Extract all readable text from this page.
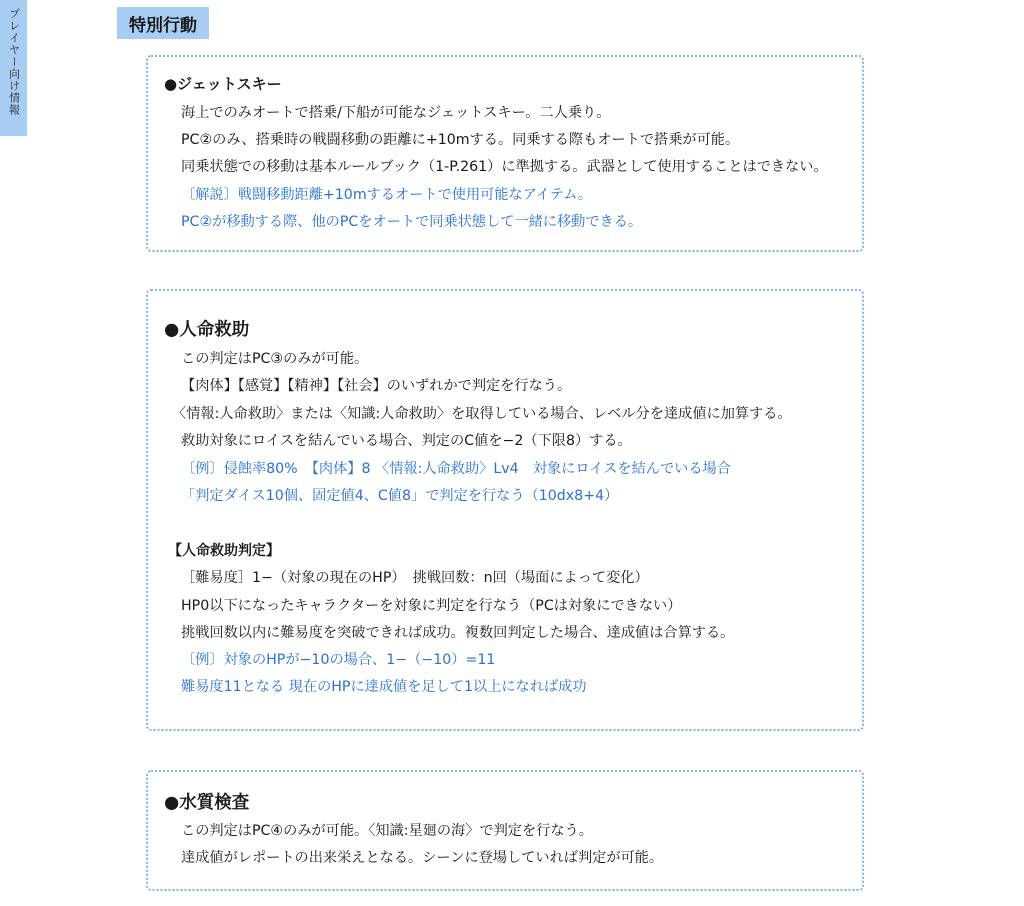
プレイヤー向け情報	特別行動
●ジェットスキー
海上でのみオートで搭乗/下船が可能なジェットスキー。二人乗り。
PC②のみ、搭乗時の戦闘移動の距離に+10mする。同乗する際もオートで搭乗が可能。
同乗状態での移動は基本ルールブック（1-P.261）に準拠する。武器として使用することはできない。
〔解説〕戦闘移動距離+10mするオートで使用可能なアイテム。
PC②が移動する際、他のPCをオートで同乗状態して一緒に移動できる。
●人命救助
この判定はPC③のみが可能。
【肉体】【感覚】【精神】【社会】のいずれかで判定を行なう。
〈情報:人命救助〉または〈知識:人命救助〉を取得している場合、レベル分を達成値に加算する。
救助対象にロイスを結んでいる場合、判定のC値を−2（下限8）する。
〔例〕侵蝕率80%　【肉体】8 〈情報:人命救助〉Lv4　対象にロイスを結んでいる場合
「判定ダイス10個、固定値4、C値8」で判定を行なう（10dx8+4）
【人命救助判定】
［難易度］1−（対象の現在のHP）　挑戦回数：n回（場面によって変化）
HP0以下になったキャラクターを対象に判定を行なう（PCは対象にできない）
挑戦回数以内に難易度を突破できれば成功。複数回判定した場合、達成値は合算する。
〔例〕対象のHPが−10の場合、1−（−10）=11
難易度11となる 現在のHPに達成値を足して1以上になれば成功
●水質検査
この判定はPC④のみが可能。〈知識:星廻の海〉で判定を行なう。
達成値がレポートの出来栄えとなる。シーンに登場していれば判定が可能。
